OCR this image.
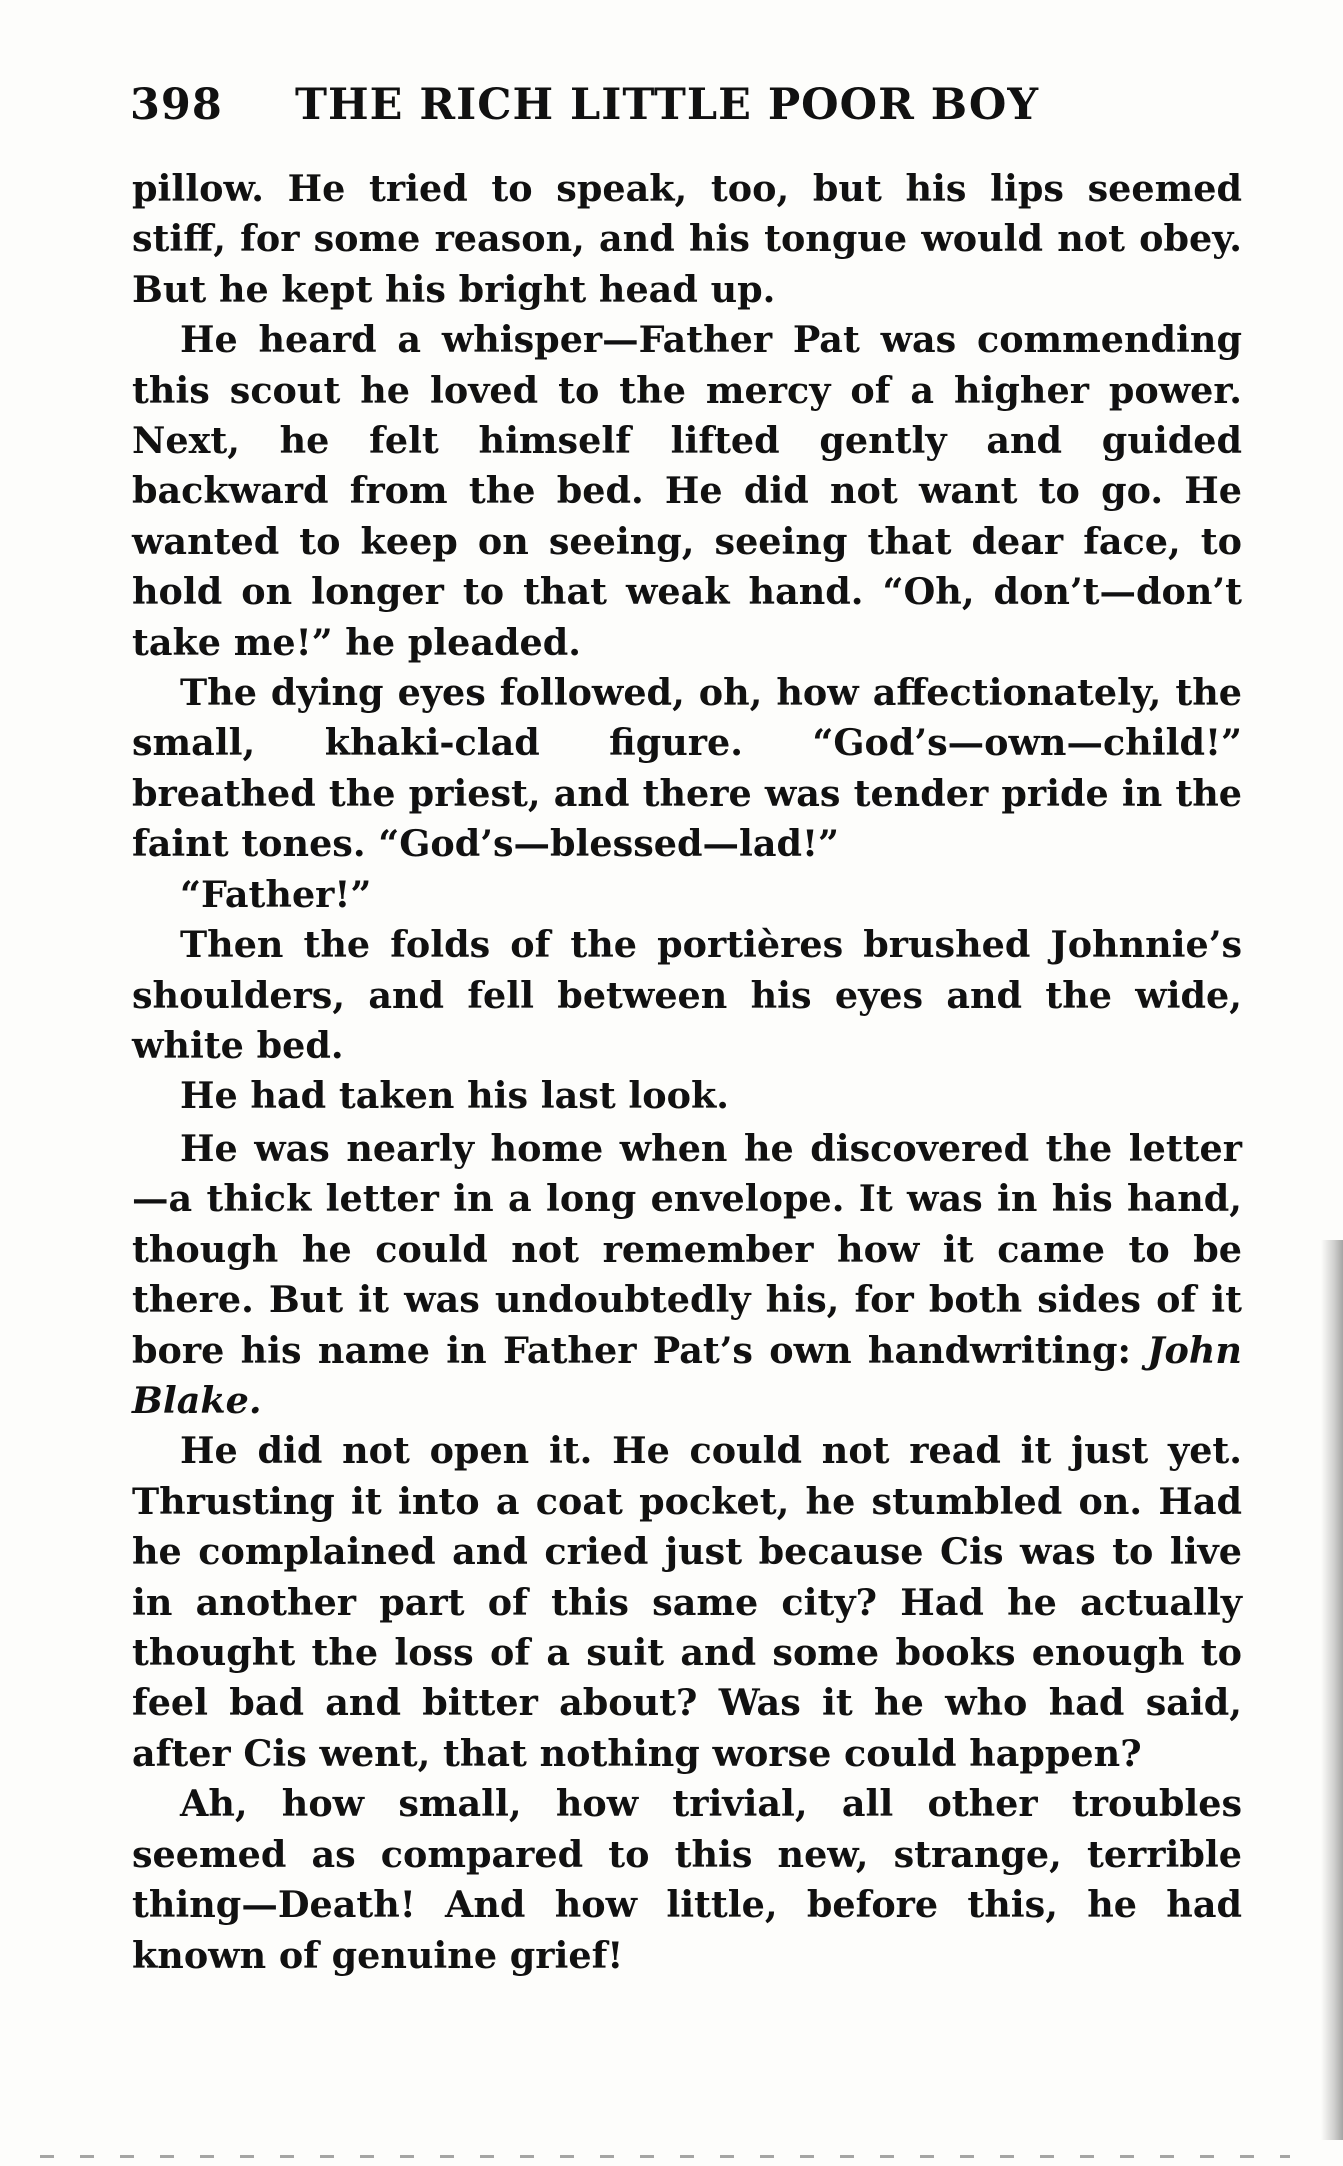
398 THE RICH LITTLE POOR BOY

pillow. He tried to speak, too, but his lips seemed stiff, for some reason, and his tongue would not obey. But he kept his bright head up.

He heard a whisper—Father Pat was commending this scout he loved to the mercy of a higher power. Next, he felt himself lifted gently and guided backward from the bed. He did not want to go. He wanted to keep on seeing, seeing that dear face, to hold on longer to that weak hand. “Oh, don’t—don’t take me!” he pleaded.

The dying eyes followed, oh, how affectionately, the small, khaki-clad figure. “God’s—own—child!” breathed the priest, and there was tender pride in the faint tones. “God’s—blessed—lad!”

“Father!”

Then the folds of the portières brushed Johnnie’s shoulders, and fell between his eyes and the wide, white bed.

He had taken his last look.

He was nearly home when he discovered the letter—a thick letter in a long envelope. It was in his hand, though he could not remember how it came to be there. But it was undoubtedly his, for both sides of it bore his name in Father Pat’s own handwriting: John Blake.

He did not open it. He could not read it just yet. Thrusting it into a coat pocket, he stumbled on. Had he complained and cried just because Cis was to live in another part of this same city? Had he actually thought the loss of a suit and some books enough to feel bad and bitter about? Was it he who had said, after Cis went, that nothing worse could happen?

Ah, how small, how trivial, all other troubles seemed as compared to this new, strange, terrible thing—Death! And how little, before this, he had known of genuine grief!
